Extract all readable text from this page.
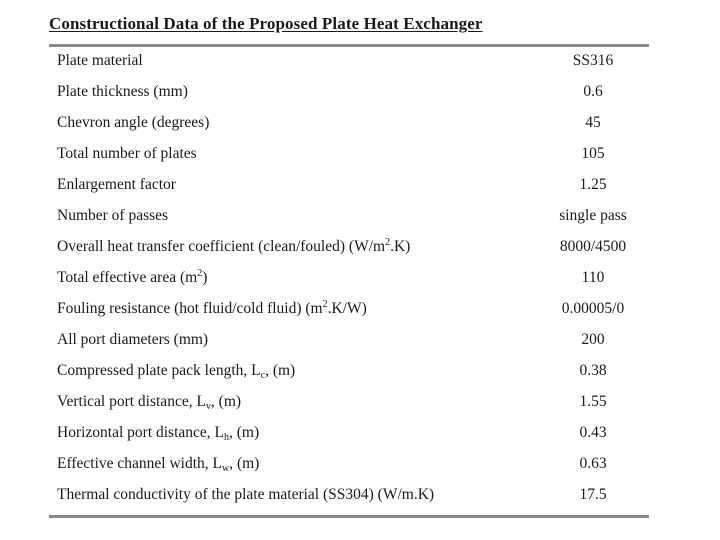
Constructional Data of the Proposed Plate Heat Exchanger
Plate material	SS316
Plate thickness (mm)	0.6
Chevron angle (degrees)	45
Total number of plates	105
Enlargement factor	1.25
Number of passes	single pass
Overall heat transfer coefficient (clean/fouled) $(W/m^2.K)$	8000/4500
Total effective area $(m^2)$	110
Fouling resistance (hot fluid/cold fluid) $(m^2.K/W)$	0.00005/0
All port diameters (mm)	200
Compressed plate pack length, $L_c$, (m)	0.38
Vertical port distance, $L_v$, (m)	1.55
Horizontal port distance, $L_h$, (m)	0.43
Effective channel width, $L_w$, (m)	0.63
Thermal conductivity of the plate material (SS304) (W/m.K)	17.5
